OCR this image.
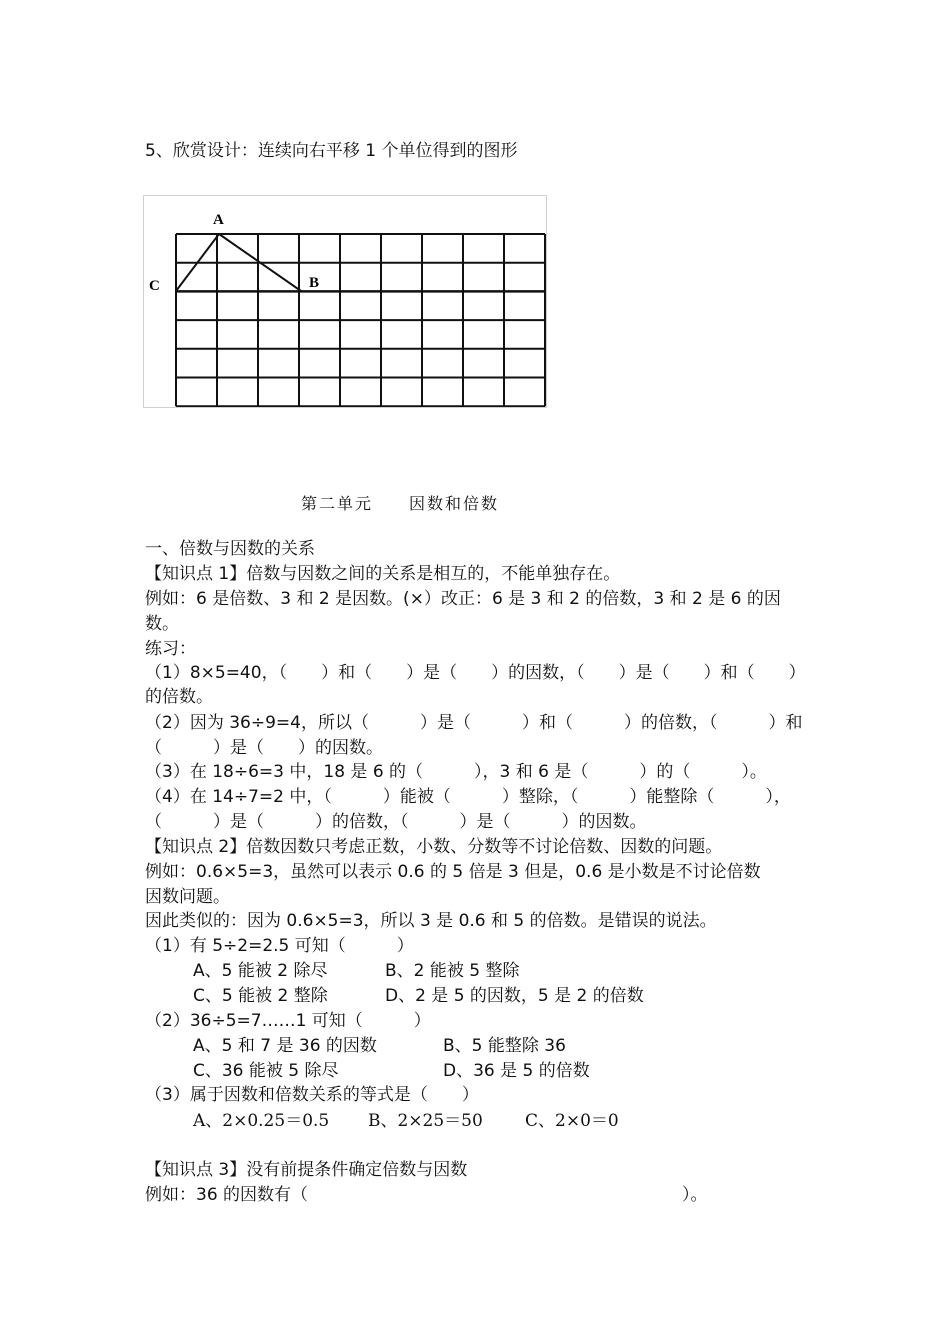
5、欣赏设计：连续向右平移 1 个单位得到的图形
A
B
C
第二单元　　因数和倍数
一、倍数与因数的关系
【知识点 1】倍数与因数之间的关系是相互的，不能单独存在。
例如：6 是倍数、3 和 2 是因数。(×）改正：6 是 3 和 2 的倍数，3 和 2 是 6 的因
数。
练习：
（1）8×5=40，（　　）和（　　）是（　　）的因数，（　　）是（　　）和（　　）
的倍数。
（2）因为 36÷9=4，所以（　　　）是（　　　）和（　　　）的倍数，（　　　）和
（　　　）是（　　）的因数。
（3）在 18÷6=3 中，18 是 6 的（　　　），3 和 6 是（　　　）的（　　　）。
（4）在 14÷7=2 中，（　　　）能被（　　　）整除，（　　　）能整除（　　　），
（　　　）是（　　　）的倍数，（　　　）是（　　　）的因数。
【知识点 2】倍数因数只考虑正数，小数、分数等不讨论倍数、因数的问题。
例如：0.6×5=3，虽然可以表示 0.6 的 5 倍是 3 但是，0.6 是小数是不讨论倍数
因数问题。
因此类似的：因为 0.6×5=3，所以 3 是 0.6 和 5 的倍数。是错误的说法。
（1）有 5÷2=2.5 可知（　　　）
A、5 能被 2 除尽	B、2 能被 5 整除
C、5 能被 2 整除	D、2 是 5 的因数，5 是 2 的倍数
（2）36÷5=7……1 可知（　　　）
A、5 和 7 是 36 的因数	B、5 能整除 36
C、36 能被 5 除尽	D、36 是 5 的倍数
（3）属于因数和倍数关系的等式是（　　）
A、2×0.25＝0.5 B、2×25＝50 C、2×0＝0
【知识点 3】没有前提条件确定倍数与因数
例如：36 的因数有（　　　　　　　　　　　　　　　　　　　　　　）。
